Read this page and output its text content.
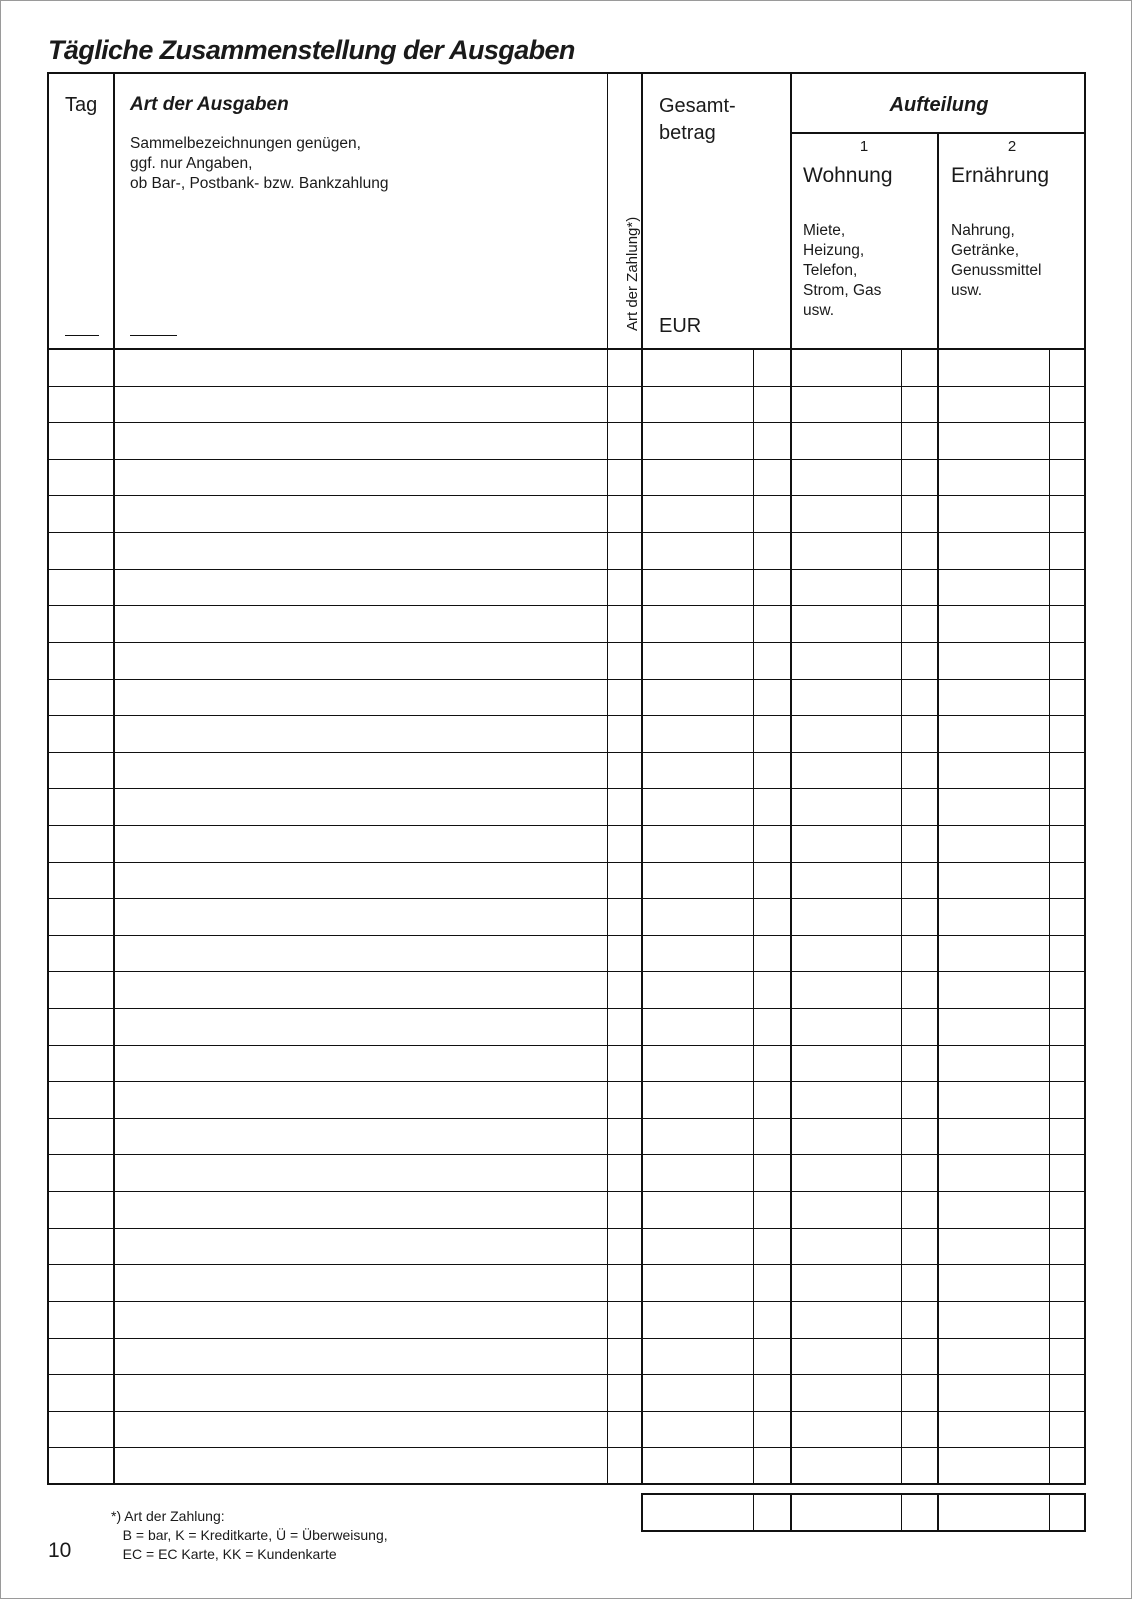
Tägliche Zusammenstellung der Ausgaben
Tag Art der Ausgaben
Sammelbezeichnungen genügen,
ggf. nur Angaben,
ob Bar-, Postbank- bzw. Bankzahlung
Art der Zahlung*)
Gesamt-
betrag
EUR
Aufteilung
1
Wohnung
Miete,
Heizung,
Telefon,
Strom, Gas
usw.
2
Ernährung
Nahrung,
Getränke,
Genussmittel
usw.
*) Art der Zahlung:
B = bar, K = Kreditkarte, Ü = Überweisung,
EC = EC Karte, KK = Kundenkarte
10
